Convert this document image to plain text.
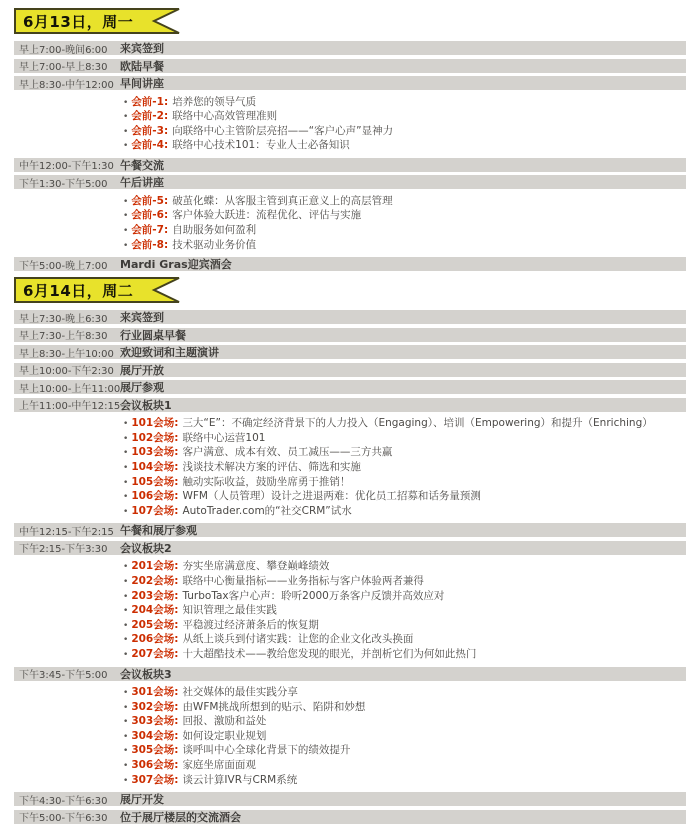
6月13日，周一
早上7:00-晚间6:00	来宾签到
早上7:00-早上8:30	欧陆早餐
早上8:30-中午12:00 早间讲座
• 会前-1: 培养您的领导气质
• 会前-2: 联络中心高效管理准则
• 会前-3: 向联络中心主管阶层亮招——“客户心声”显神力
• 会前-4: 联络中心技术101：专业人士必备知识
中午12:00-下午1:30 午餐交流
下午1:30-下午5:00	午后讲座
• 会前-5: 破茧化蝶：从客服主管到真正意义上的高层管理
• 会前-6: 客户体验大跃进：流程优化、评估与实施
• 会前-7: 自助服务如何盈利
• 会前-8: 技术驱动业务价值
下午5:00-晚上7:00	Mardi Gras迎宾酒会
6月14日，周二
早上7:30-晚上6:30	来宾签到
早上7:30-上午8:30	行业圆桌早餐
早上8:30-上午10:00 欢迎致词和主题演讲
早上10:00-下午2:30 展厅开放
早上10:00-上午11:00 展厅参观
上午11:00-中午12:15 会议板块1
• 101会场: 三大“E”：不确定经济背景下的人力投入（Engaging）、培训（Empowering）和提升（Enriching）
• 102会场: 联络中心运营101
• 103会场: 客户满意、成本有效、员工减压——三方共赢
• 104会场: 浅谈技术解决方案的评估、筛选和实施
• 105会场: 触动实际收益，鼓励坐席勇于推销！
• 106会场: WFM（人员管理）设计之进退两难：优化员工招募和话务量预测
• 107会场: AutoTrader.com的“社交CRM”试水
中午12:15-下午2:15 午餐和展厅参观
下午2:15-下午3:30	会议板块2
• 201会场: 夯实坐席满意度、攀登巅峰绩效
• 202会场: 联络中心衡量指标——业务指标与客户体验两者兼得
• 203会场: TurboTax客户心声：聆听2000万条客户反馈并高效应对
• 204会场: 知识管理之最佳实践
• 205会场: 平稳渡过经济萧条后的恢复期
• 206会场: 从纸上谈兵到付诸实践：让您的企业文化改头换面
• 207会场: 十大超酷技术——教给您发现的眼光，并剖析它们为何如此热门
下午3:45-下午5:00	会议板块3
• 301会场: 社交媒体的最佳实践分享
• 302会场: 由WFM挑战所想到的贴示、陷阱和妙想
• 303会场: 回报、激励和益处
• 304会场: 如何设定职业规划
• 305会场: 谈呼叫中心全球化背景下的绩效提升
• 306会场: 家庭坐席面面观
• 307会场: 谈云计算IVR与CRM系统
下午4:30-下午6:30	展厅开发
下午5:00-下午6:30	位于展厅楼层的交流酒会
